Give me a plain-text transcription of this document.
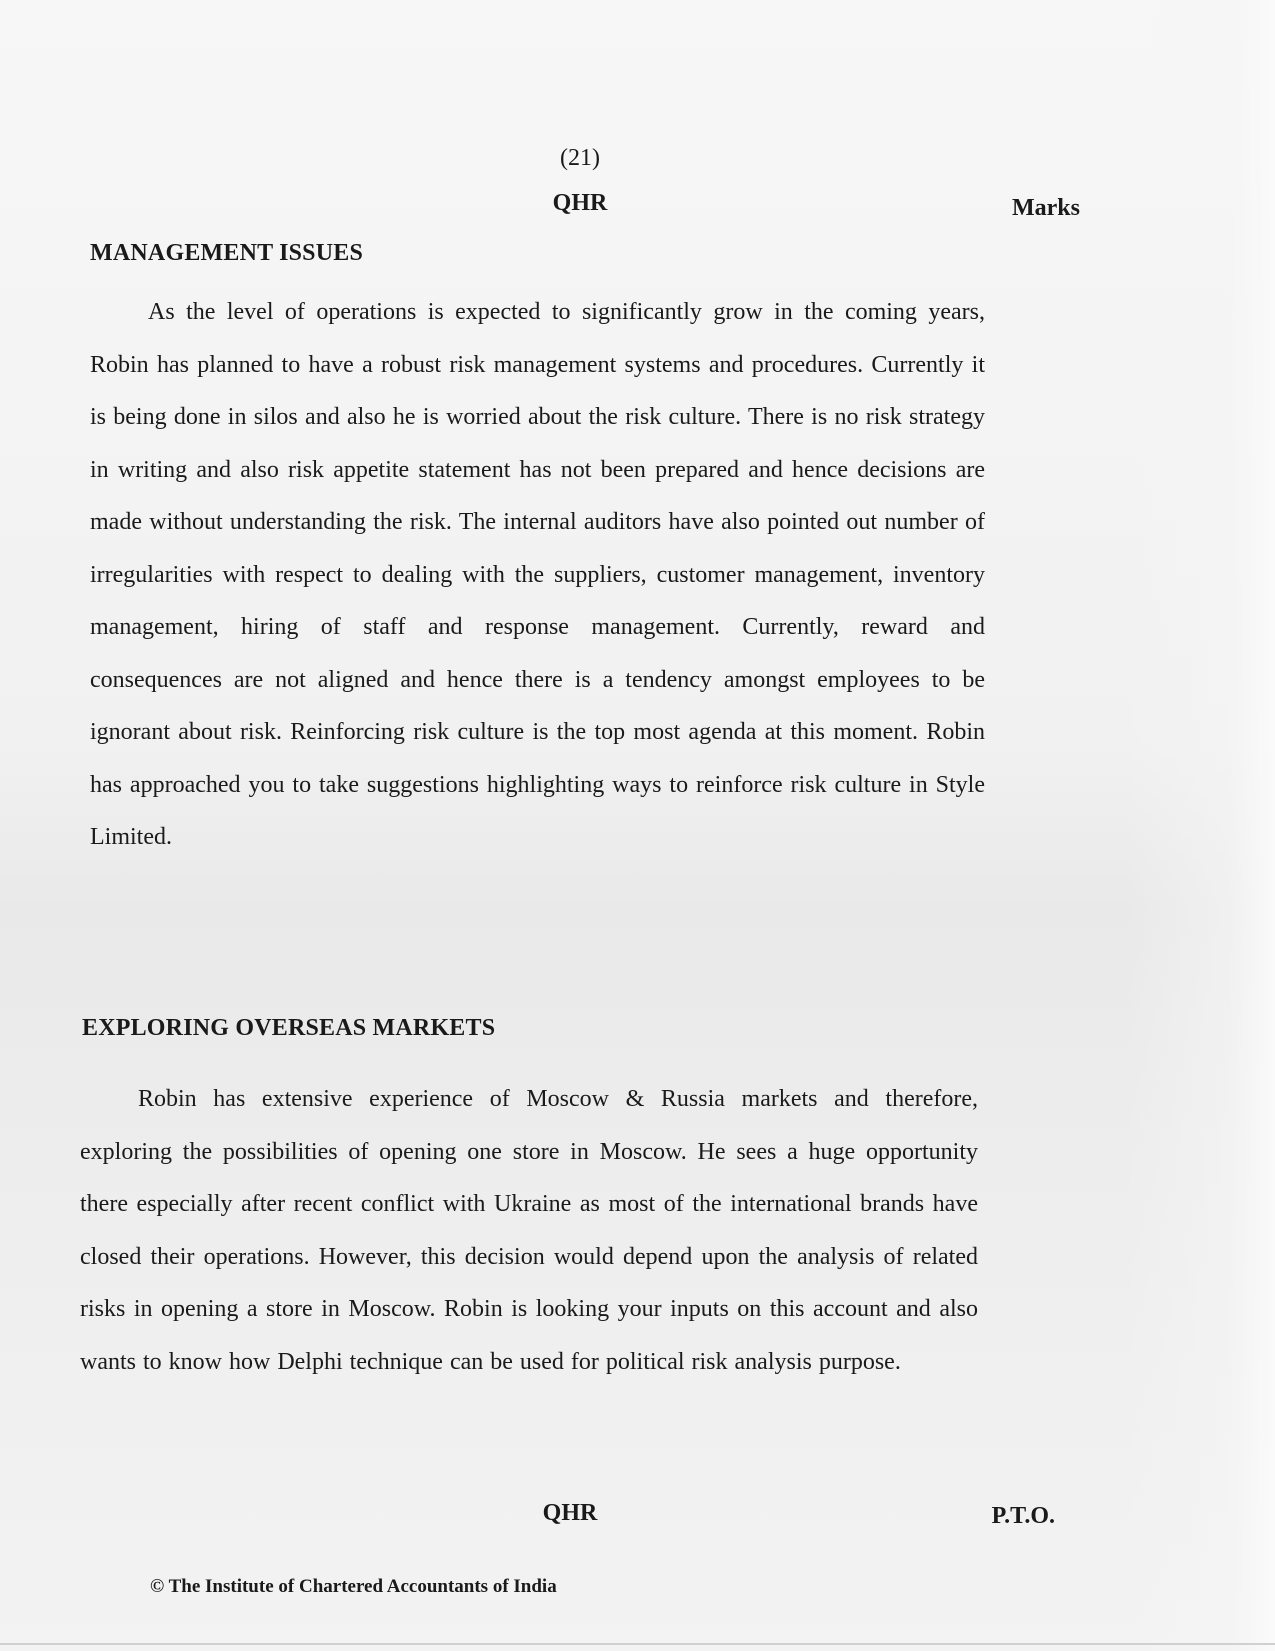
(21)
QHR	Marks
MANAGEMENT ISSUES
As the level of operations is expected to significantly grow in the coming years, Robin has planned to have a robust risk management systems and procedures. Currently it is being done in silos and also he is worried about the risk culture. There is no risk strategy in writing and also risk appetite statement has not been prepared and hence decisions are made without understanding the risk. The internal auditors have also pointed out number of irregularities with respect to dealing with the suppliers, customer management, inventory management, hiring of staff and response management. Currently, reward and consequences are not aligned and hence there is a tendency amongst employees to be ignorant about risk. Reinforcing risk culture is the top most agenda at this moment. Robin has approached you to take suggestions highlighting ways to reinforce risk culture in Style Limited.
EXPLORING OVERSEAS MARKETS
Robin has extensive experience of Moscow & Russia markets and therefore, exploring the possibilities of opening one store in Moscow. He sees a huge opportunity there especially after recent conflict with Ukraine as most of the international brands have closed their operations. However, this decision would depend upon the analysis of related risks in opening a store in Moscow. Robin is looking your inputs on this account and also wants to know how Delphi technique can be used for political risk analysis purpose.
QHR	P.T.O.
© The Institute of Chartered Accountants of India
